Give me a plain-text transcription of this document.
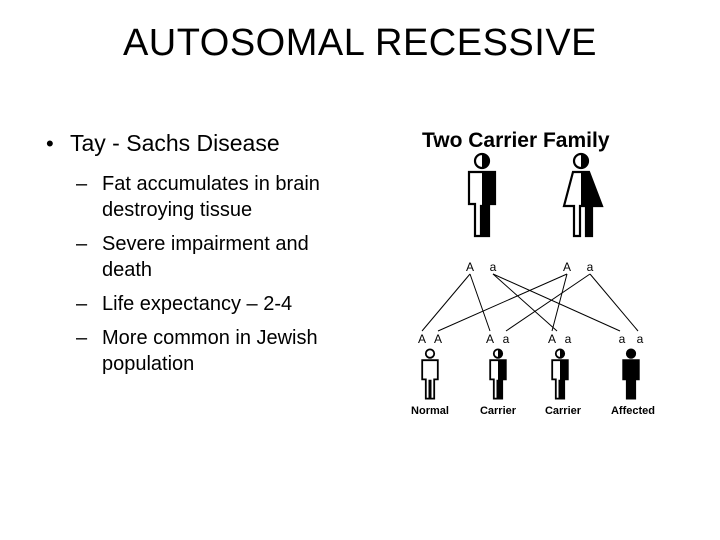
AUTOSOMAL RECESSIVE
• Tay - Sachs Disease
– Fat accumulates in brain destroying tissue
– Severe impairment and death
– Life expectancy – 2-4
– More common in Jewish population
Two Carrier Family
A a	A a
A A	A a	A a	a a
Normal	Carrier	Carrier	Affected
